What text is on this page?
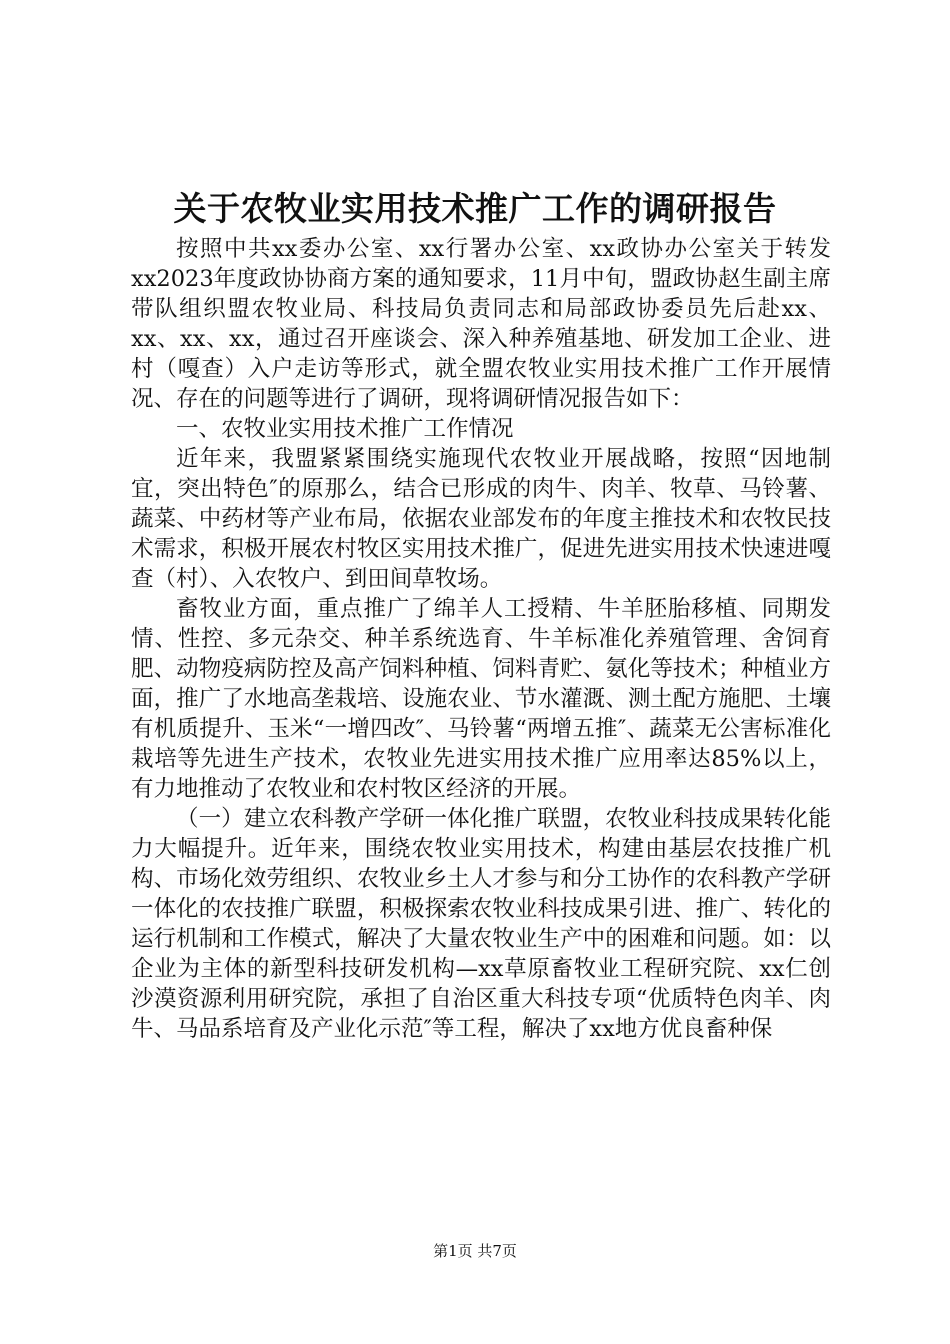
关于农牧业实用技术推广工作的调研报告

按照中共xx委办公室、xx行署办公室、xx政协办公室关于转发xx2023年度政协协商方案的通知要求，11月中旬，盟政协赵生副主席带队组织盟农牧业局、科技局负责同志和局部政协委员先后赴xx、xx、xx、xx，通过召开座谈会、深入种养殖基地、研发加工企业、进村（嘎查）入户走访等形式，就全盟农牧业实用技术推广工作开展情况、存在的问题等进行了调研，现将调研情况报告如下：

一、农牧业实用技术推广工作情况

近年来，我盟紧紧围绕实施现代农牧业开展战略，按照“因地制宜，突出特色″的原那么，结合已形成的肉牛、肉羊、牧草、马铃薯、蔬菜、中药材等产业布局，依据农业部发布的年度主推技术和农牧民技术需求，积极开展农村牧区实用技术推广，促进先进实用技术快速进嘎查（村）、入农牧户、到田间草牧场。

畜牧业方面，重点推广了绵羊人工授精、牛羊胚胎移植、同期发情、性控、多元杂交、种羊系统选育、牛羊标准化养殖管理、舍饲育肥、动物疫病防控及高产饲料种植、饲料青贮、氨化等技术；种植业方面，推广了水地高垄栽培、设施农业、节水灌溉、测土配方施肥、土壤有机质提升、玉米“一增四改″、马铃薯“两增五推″、蔬菜无公害标准化栽培等先进生产技术，农牧业先进实用技术推广应用率达85%以上，有力地推动了农牧业和农村牧区经济的开展。

（一）建立农科教产学研一体化推广联盟，农牧业科技成果转化能力大幅提升。近年来，围绕农牧业实用技术，构建由基层农技推广机构、市场化效劳组织、农牧业乡土人才参与和分工协作的农科教产学研一体化的农技推广联盟，积极探索农牧业科技成果引进、推广、转化的运行机制和工作模式，解决了大量农牧业生产中的困难和问题。如：以企业为主体的新型科技研发机构—xx草原畜牧业工程研究院、xx仁创沙漠资源利用研究院，承担了自治区重大科技专项“优质特色肉羊、肉牛、马品系培育及产业化示范″等工程，解决了xx地方优良畜种保

第1页 共7页
